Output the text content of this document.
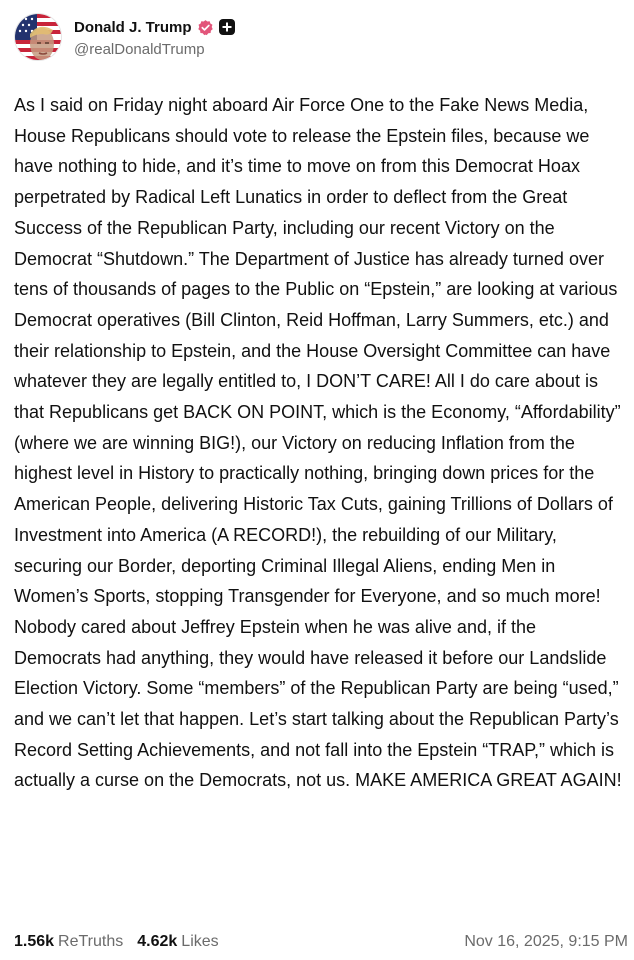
Donald J. Trump
@realDonaldTrump
As I said on Friday night aboard Air Force One to the Fake News Media, House Republicans should vote to release the Epstein files, because we have nothing to hide, and it’s time to move on from this Democrat Hoax perpetrated by Radical Left Lunatics in order to deflect from the Great Success of the Republican Party, including our recent Victory on the Democrat “Shutdown.” The Department of Justice has already turned over tens of thousands of pages to the Public on “Epstein,” are looking at various Democrat operatives (Bill Clinton, Reid Hoffman, Larry Summers, etc.) and their relationship to Epstein, and the House Oversight Committee can have whatever they are legally entitled to, I DON’T CARE! All I do care about is that Republicans get BACK ON POINT, which is the Economy, “Affordability” (where we are winning BIG!), our Victory on reducing Inflation from the highest level in History to practically nothing, bringing down prices for the American People, delivering Historic Tax Cuts, gaining Trillions of Dollars of Investment into America (A RECORD!), the rebuilding of our Military, securing our Border, deporting Criminal Illegal Aliens, ending Men in Women’s Sports, stopping Transgender for Everyone, and so much more! Nobody cared about Jeffrey Epstein when he was alive and, if the Democrats had anything, they would have released it before our Landslide Election Victory. Some “members” of the Republican Party are being “used,” and we can’t let that happen. Let’s start talking about the Republican Party’s Record Setting Achievements, and not fall into the Epstein “TRAP,” which is actually a curse on the Democrats, not us. MAKE AMERICA GREAT AGAIN!
1.56k ReTruths 4.62k Likes	Nov 16, 2025, 9:15 PM
